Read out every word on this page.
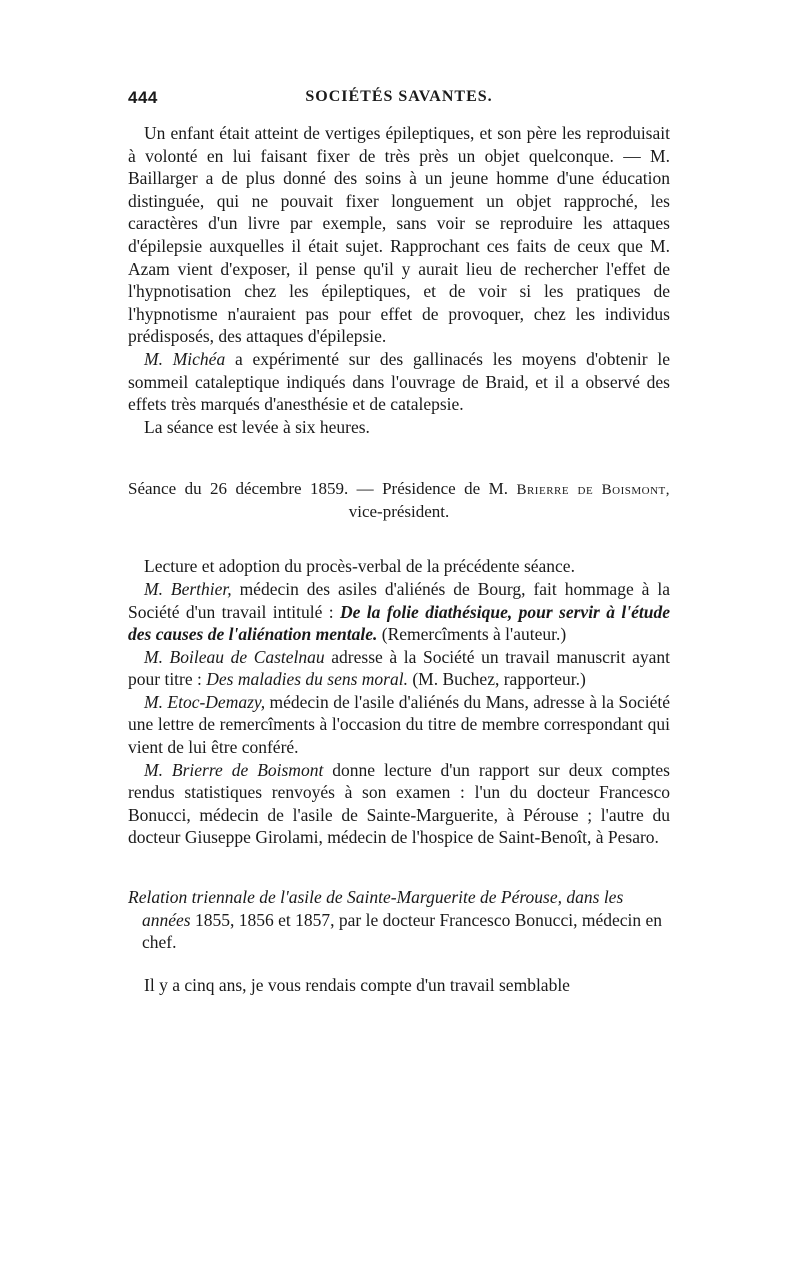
444	SOCIÉTÉS SAVANTES.

Un enfant était atteint de vertiges épileptiques, et son père les reproduisait à volonté en lui faisant fixer de très près un objet quelconque. — M. Baillarger a de plus donné des soins à un jeune homme d'une éducation distinguée, qui ne pouvait fixer longuement un objet rapproché, les caractères d'un livre par exemple, sans voir se reproduire les attaques d'épilepsie auxquelles il était sujet. Rapprochant ces faits de ceux que M. Azam vient d'exposer, il pense qu'il y aurait lieu de rechercher l'effet de l'hypnotisation chez les épileptiques, et de voir si les pratiques de l'hypnotisme n'auraient pas pour effet de provoquer, chez les individus prédisposés, des attaques d'épilepsie.

M. Michéa a expérimenté sur des gallinacés les moyens d'obtenir le sommeil cataleptique indiqués dans l'ouvrage de Braid, et il a observé des effets très marqués d'anesthésie et de catalepsie.

La séance est levée à six heures.

Séance du 26 décembre 1859. — Présidence de M. Brierre de Boismont,
vice-président.

Lecture et adoption du procès-verbal de la précédente séance.

M. Berthier, médecin des asiles d'aliénés de Bourg, fait hommage à la Société d'un travail intitulé : De la folie diathésique, pour servir à l'étude des causes de l'aliénation mentale. (Remercîments à l'auteur.)

M. Boileau de Castelnau adresse à la Société un travail manuscrit ayant pour titre : Des maladies du sens moral. (M. Buchez, rapporteur.)

M. Etoc-Demazy, médecin de l'asile d'aliénés du Mans, adresse à la Société une lettre de remercîments à l'occasion du titre de membre correspondant qui vient de lui être conféré.

M. Brierre de Boismont donne lecture d'un rapport sur deux comptes rendus statistiques renvoyés à son examen : l'un du docteur Francesco Bonucci, médecin de l'asile de Sainte-Marguerite, à Pérouse ; l'autre du docteur Giuseppe Girolami, médecin de l'hospice de Saint-Benoît, à Pesaro.

Relation triennale de l'asile de Sainte-Marguerite de Pérouse, dans les années 1855, 1856 et 1857, par le docteur Francesco Bonucci, médecin en chef.

Il y a cinq ans, je vous rendais compte d'un travail semblable
